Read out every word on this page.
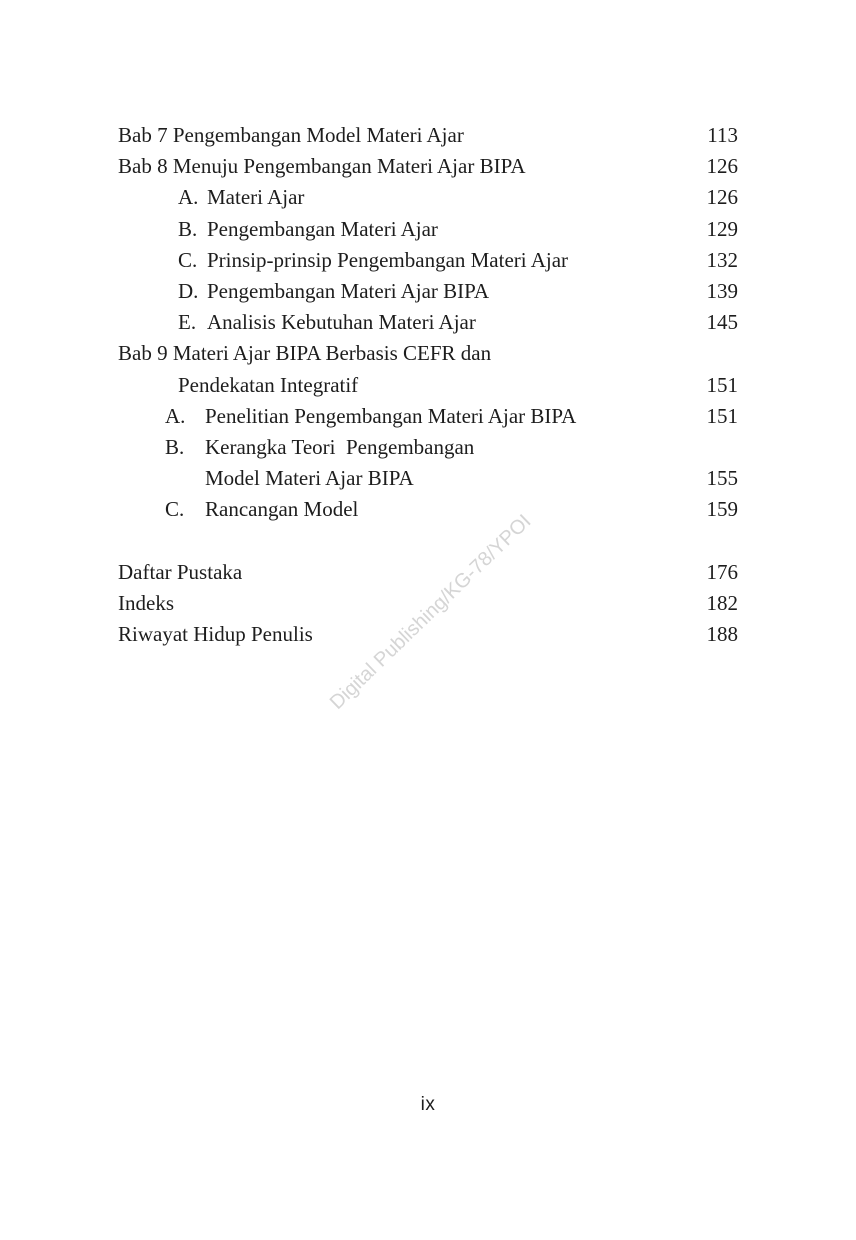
Digital Publishing/KG-78/YPOI
Bab 7 Pengembangan Model Materi Ajar	113
Bab 8 Menuju Pengembangan Materi Ajar BIPA	126
A. Materi Ajar	126
B. Pengembangan Materi Ajar	129
C. Prinsip-prinsip Pengembangan Materi Ajar	132
D. Pengembangan Materi Ajar BIPA	139
E. Analisis Kebutuhan Materi Ajar	145
Bab 9 Materi Ajar BIPA Berbasis CEFR dan
Pendekatan Integratif	151
A. Penelitian Pengembangan Materi Ajar BIPA	151
B. Kerangka Teori  Pengembangan
Model Materi Ajar BIPA	155
C. Rancangan Model	159
Daftar Pustaka	176
Indeks	182
Riwayat Hidup Penulis	188
ix
